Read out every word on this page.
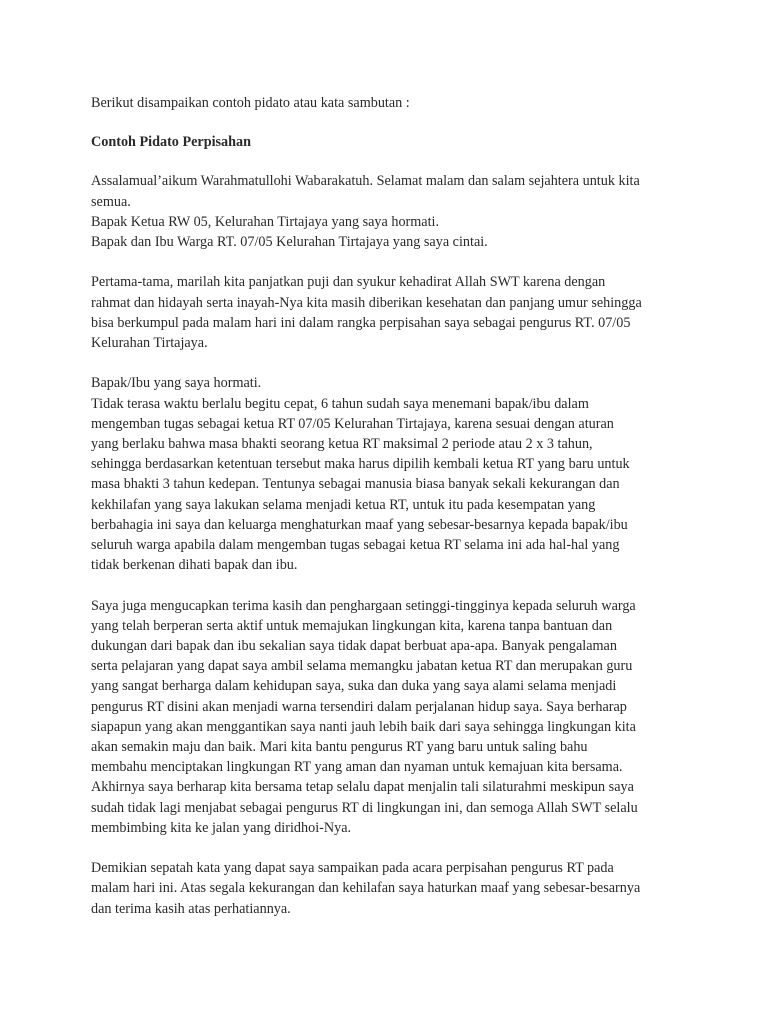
Berikut disampaikan contoh pidato atau kata sambutan :

Contoh Pidato Perpisahan

Assalamual’aikum Warahmatullohi Wabarakatuh. Selamat malam dan salam sejahtera untuk kita
semua.
Bapak Ketua RW 05, Kelurahan Tirtajaya yang saya hormati.
Bapak dan Ibu Warga RT. 07/05 Kelurahan Tirtajaya yang saya cintai.

Pertama-tama, marilah kita panjatkan puji dan syukur kehadirat Allah SWT karena dengan
rahmat dan hidayah serta inayah-Nya kita masih diberikan kesehatan dan panjang umur sehingga
bisa berkumpul pada malam hari ini dalam rangka perpisahan saya sebagai pengurus RT. 07/05
Kelurahan Tirtajaya.

Bapak/Ibu yang saya hormati.
Tidak terasa waktu berlalu begitu cepat, 6 tahun sudah saya menemani bapak/ibu dalam
mengemban tugas sebagai ketua RT 07/05 Kelurahan Tirtajaya, karena sesuai dengan aturan
yang berlaku bahwa masa bhakti seorang ketua RT maksimal 2 periode atau 2 x 3 tahun,
sehingga berdasarkan ketentuan tersebut maka harus dipilih kembali ketua RT yang baru untuk
masa bhakti 3 tahun kedepan. Tentunya sebagai manusia biasa banyak sekali kekurangan dan
kekhilafan yang saya lakukan selama menjadi ketua RT, untuk itu pada kesempatan yang
berbahagia ini saya dan keluarga menghaturkan maaf yang sebesar-besarnya kepada bapak/ibu
seluruh warga apabila dalam mengemban tugas sebagai ketua RT selama ini ada hal-hal yang
tidak berkenan dihati bapak dan ibu.

Saya juga mengucapkan terima kasih dan penghargaan setinggi-tingginya kepada seluruh warga
yang telah berperan serta aktif untuk memajukan lingkungan kita, karena tanpa bantuan dan
dukungan dari bapak dan ibu sekalian saya tidak dapat berbuat apa-apa. Banyak pengalaman
serta pelajaran yang dapat saya ambil selama memangku jabatan ketua RT dan merupakan guru
yang sangat berharga dalam kehidupan saya, suka dan duka yang saya alami selama menjadi
pengurus RT disini akan menjadi warna tersendiri dalam perjalanan hidup saya. Saya berharap
siapapun yang akan menggantikan saya nanti jauh lebih baik dari saya sehingga lingkungan kita
akan semakin maju dan baik. Mari kita bantu pengurus RT yang baru untuk saling bahu
membahu menciptakan lingkungan RT yang aman dan nyaman untuk kemajuan kita bersama.
Akhirnya saya berharap kita bersama tetap selalu dapat menjalin tali silaturahmi meskipun saya
sudah tidak lagi menjabat sebagai pengurus RT di lingkungan ini, dan semoga Allah SWT selalu
membimbing kita ke jalan yang diridhoi-Nya.

Demikian sepatah kata yang dapat saya sampaikan pada acara perpisahan pengurus RT pada
malam hari ini. Atas segala kekurangan dan kehilafan saya haturkan maaf yang sebesar-besarnya
dan terima kasih atas perhatiannya.
